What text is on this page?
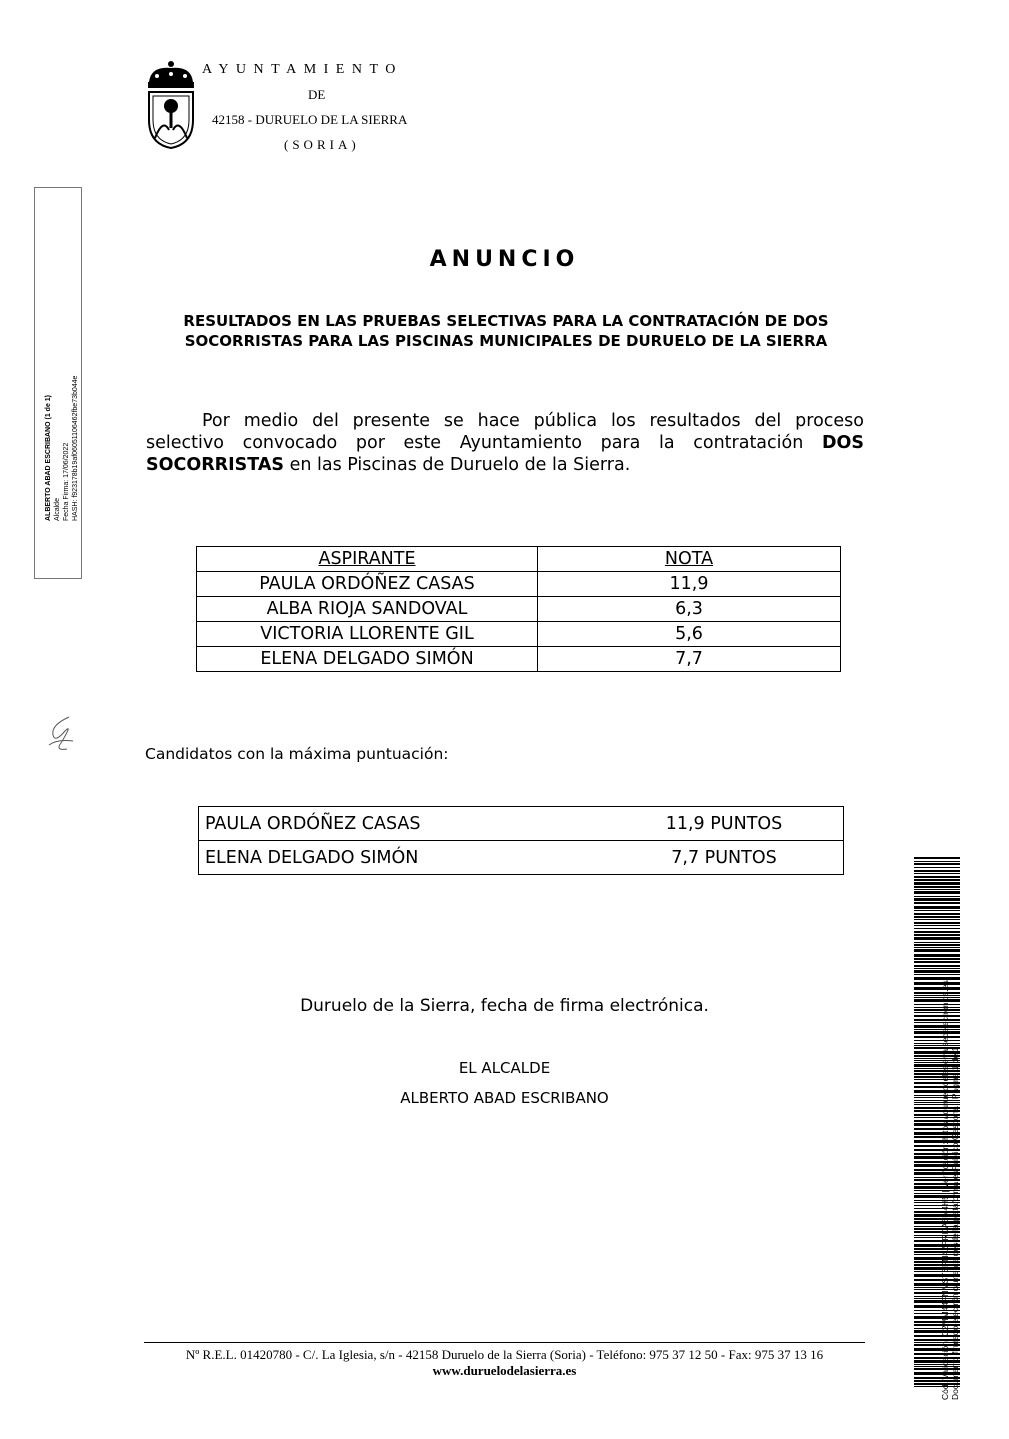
AYUNTAMIENTO
DE
42158 - DURUELO DE LA SIERRA
(SORIA)
ALBERTO ABAD ESCRIBANO (1 de 1) Alcalde Fecha Firma: 17/06/2022 HASH: f923178b19af06051106462fbe73b044e
ANUNCIO
RESULTADOS EN LAS PRUEBAS SELECTIVAS PARA LA CONTRATACIÓN DE DOS SOCORRISTAS PARA LAS PISCINAS MUNICIPALES DE DURUELO DE LA SIERRA
Por medio del presente se hace pública los resultados del proceso selectivo convocado por este Ayuntamiento para la contratación DOS SOCORRISTAS en las Piscinas de Duruelo de la Sierra.
ASPIRANTE	NOTA
PAULA ORDÓÑEZ CASAS	11,9
ALBA RIOJA SANDOVAL	6,3
VICTORIA LLORENTE GIL	5,6
ELENA DELGADO SIMÓN	7,7
Candidatos con la máxima puntuación:
PAULA ORDÓÑEZ CASAS	11,9 PUNTOS
ELENA DELGADO SIMÓN	7,7 PUNTOS
Duruelo de la Sierra, fecha de firma electrónica.
EL ALCALDE
ALBERTO ABAD ESCRIBANO
Nº R.E.L. 01420780 - C/. La Iglesia, s/n - 42158 Duruelo de la Sierra (Soria) - Teléfono: 975 37 12 50 - Fax: 975 37 13 16
www.duruelodelasierra.es	Cód. Validación: C2MM44FNMSTSFN4ZFRDA6M4H5 | Verificación: https://duruelodelasierra.sedelectronica.es/ Documento firmado electrónicamente desde la plataforma esPublico Gestiona | Página 1 de 1
